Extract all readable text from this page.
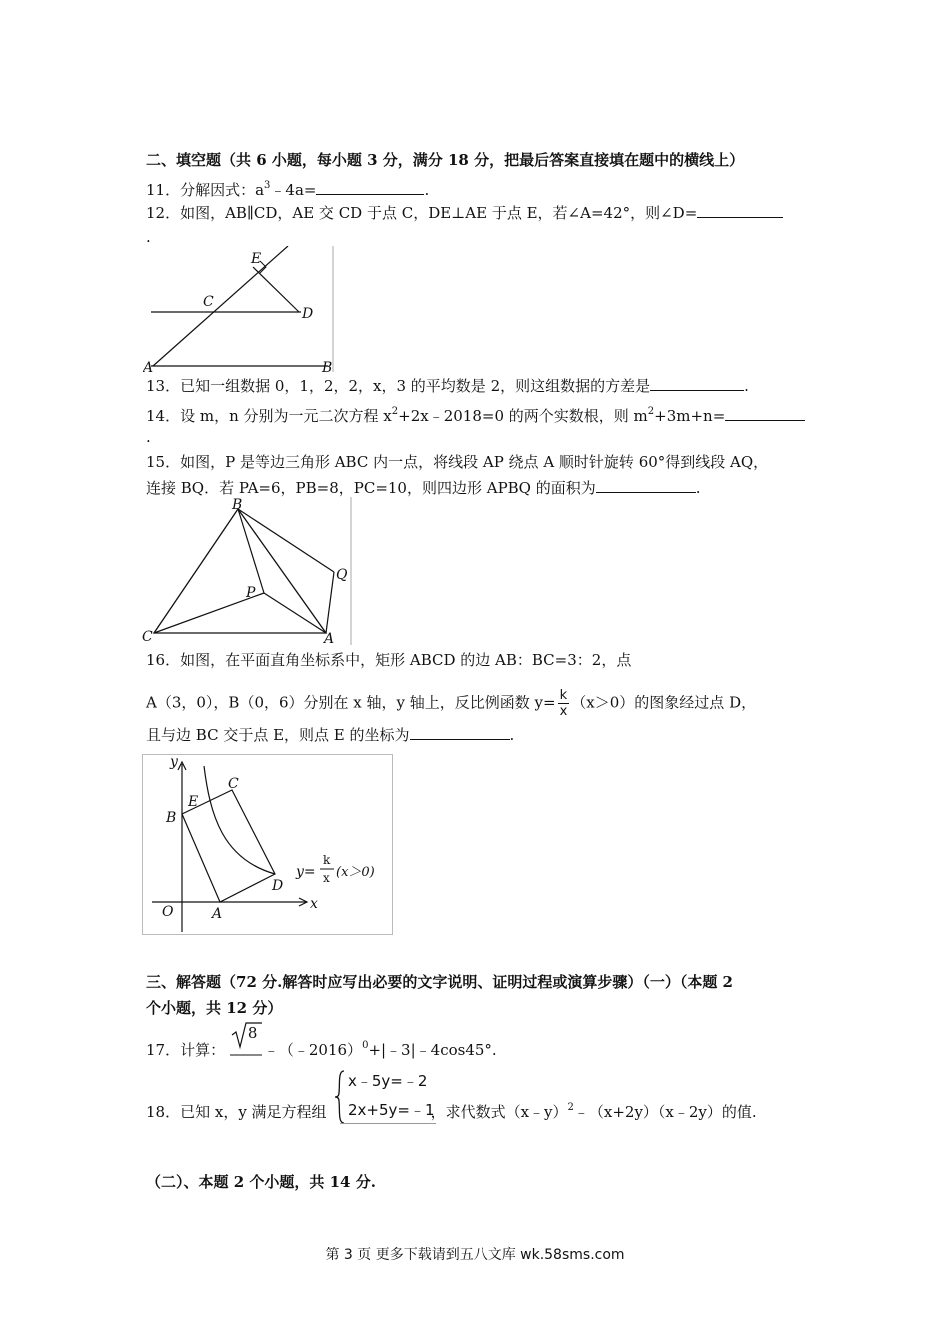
二、填空题（共 6 小题，每小题 3 分，满分 18 分，把最后答案直接填在题中的横线上）
11．分解因式：$a^3﹣4a=$	.
12．如图，AB∥CD，AE 交 CD 于点 C，DE⊥AE 于点 E，若∠A=42°，则∠D=
.
E
C
D
A	B
13．已知一组数据 0，1，2，2，x，3 的平均数是 2，则这组数据的方差是	.
14．设 m，n 分别为一元二次方程 $x^2+2x﹣2018=0$ 的两个实数根，则 $m^2+3m+n=$
.
15．如图，P 是等边三角形 ABC 内一点，将线段 AP 绕点 A 顺时针旋转 60°得到线段 AQ，
连接 BQ．若 PA=6，PB=8，PC=10，则四边形 APBQ 的面积为	.
B
Q
P
C	A
16．如图，在平面直角坐标系中，矩形 ABCD 的边 AB：BC=3：2，点
A（3，0），B（0，6）分别在 x 轴，y 轴上，反比例函数 $y= \frac{k}{x} (x>0)$的图象经过点 D，
且与边 BC 交于点 E，则点 E 的坐标为	.
y
C
E
B
y=
k
x (x＞0)
D
O	A
x
三、解答题（72 分.解答时应写出必要的文字说明、证明过程或演算步骤）（一）（本题 2
个小题，共 12 分）
17．计算：
8
﹣（﹣2016）$^0$+|﹣3|﹣4cos45°.
18．已知 x，y 满足方程组	，求代数式（x﹣y）$^2$﹣（x+2y）（x﹣2y）的值.
x﹣5y=﹣2
2x+5y=﹣1
（二）、本题 2 个小题，共 14 分.
第 3 页 更多下载请到五八文库 wk.58sms.com
